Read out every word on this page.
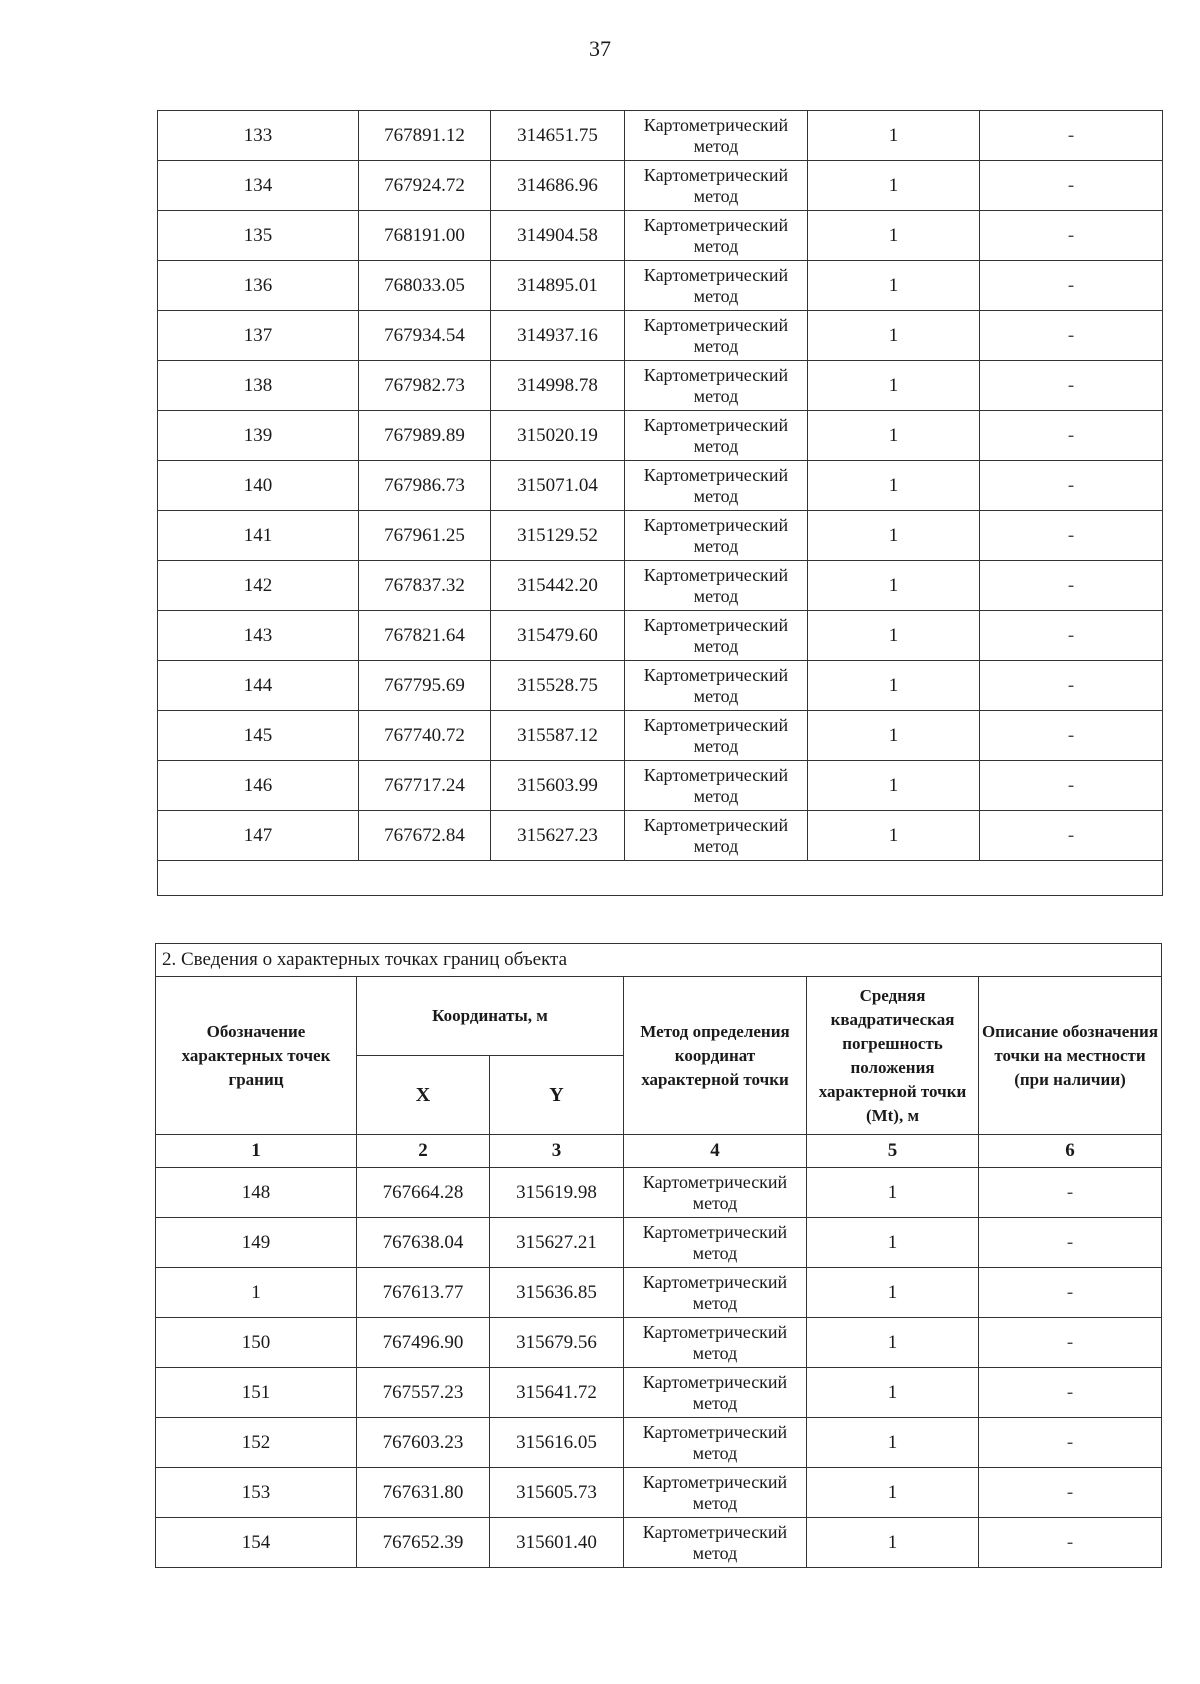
37
133	767891.12	314651.75	Картометрический метод	1	-
134	767924.72	314686.96	Картометрический метод	1	-
135	768191.00	314904.58	Картометрический метод	1	-
136	768033.05	314895.01	Картометрический метод	1	-
137	767934.54	314937.16	Картометрический метод	1	-
138	767982.73	314998.78	Картометрический метод	1	-
139	767989.89	315020.19	Картометрический метод	1	-
140	767986.73	315071.04	Картометрический метод	1	-
141	767961.25	315129.52	Картометрический метод	1	-
142	767837.32	315442.20	Картометрический метод	1	-
143	767821.64	315479.60	Картометрический метод	1	-
144	767795.69	315528.75	Картометрический метод	1	-
145	767740.72	315587.12	Картометрический метод	1	-
146	767717.24	315603.99	Картометрический метод	1	-
147	767672.84	315627.23	Картометрический метод	1	-

2. Сведения о характерных точках границ объекта					
Обозначение характерных точек границ	Координаты, м		Метод определения координат характерной точки	Средняя квадратическая погрешность положения характерной точки (Mt), м	Описание обозначения точки на местности (при наличии)
	X	Y			
1	2	3	4	5	6
148	767664.28	315619.98	Картометрический метод	1	-
149	767638.04	315627.21	Картометрический метод	1	-
1	767613.77	315636.85	Картометрический метод	1	-
150	767496.90	315679.56	Картометрический метод	1	-
151	767557.23	315641.72	Картометрический метод	1	-
152	767603.23	315616.05	Картометрический метод	1	-
153	767631.80	315605.73	Картометрический метод	1	-
154	767652.39	315601.40	Картометрический метод	1	-
